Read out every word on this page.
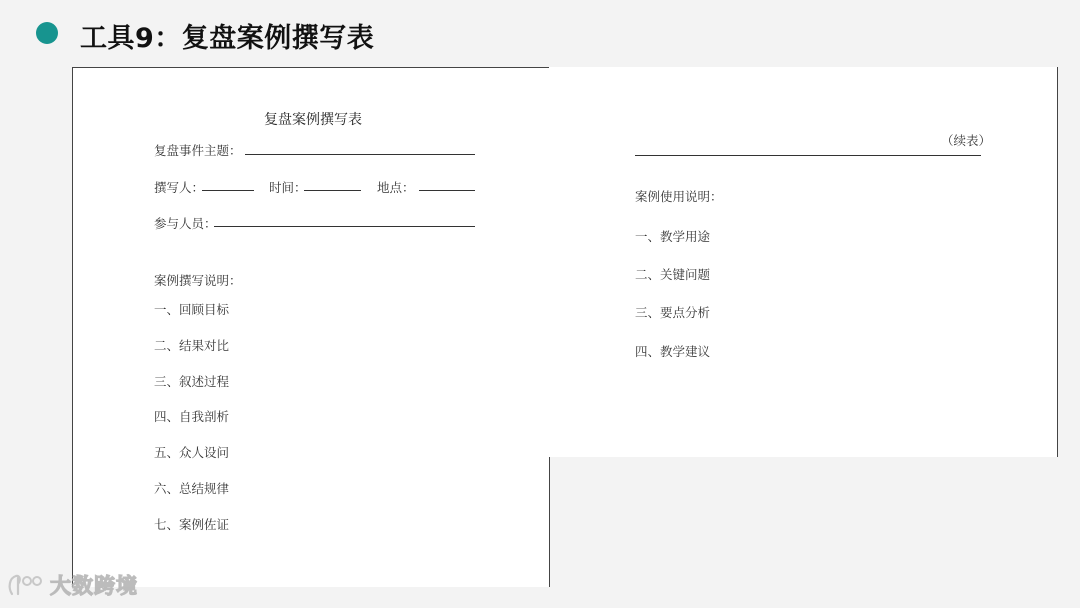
工具9：复盘案例撰写表
复盘案例撰写表
复盘事件主题：
撰写人：	时间：	地点：
参与人员：
案例撰写说明：
一、回顾目标
二、结果对比
三、叙述过程
四、自我剖析
五、众人设问
六、总结规律
七、案例佐证
（续表）
案例使用说明：
一、教学用途
二、关键问题
三、要点分析
四、教学建议
大数跨境
